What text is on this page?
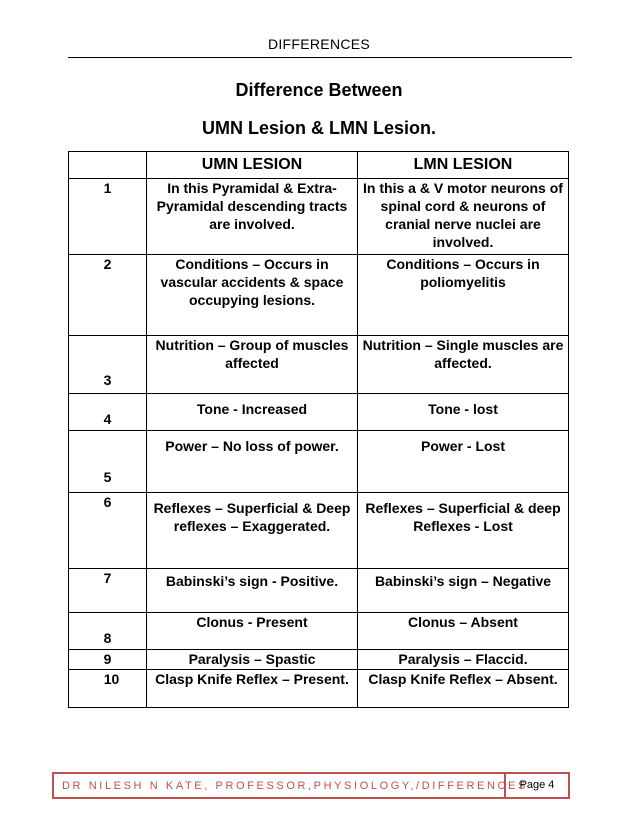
DIFFERENCES
Difference Between
UMN Lesion & LMN Lesion.
	UMN LESION	LMN LESION
1	In this Pyramidal & Extra-Pyramidal descending tracts are involved.	In this a & V motor neurons of spinal cord & neurons of cranial nerve nuclei are involved.
2	Conditions – Occurs in vascular accidents & space occupying lesions.	Conditions – Occurs in poliomyelitis
3	Nutrition – Group of muscles affected	Nutrition – Single muscles are affected.
4	Tone - Increased	Tone - lost
5	Power – No loss of power.	Power - Lost
6	Reflexes – Superficial & Deep reflexes – Exaggerated.	Reflexes – Superficial & deep Reflexes - Lost
7	Babinski’s sign - Positive.	Babinski’s sign – Negative
8	Clonus - Present	Clonus – Absent
9	Paralysis – Spastic	Paralysis – Flaccid.
10	Clasp Knife Reflex – Present.	Clasp Knife Reflex – Absent.
DR NILESH N KATE, PROFESSOR,PHYSIOLOGY,/DIFFERENCES
Page 4
